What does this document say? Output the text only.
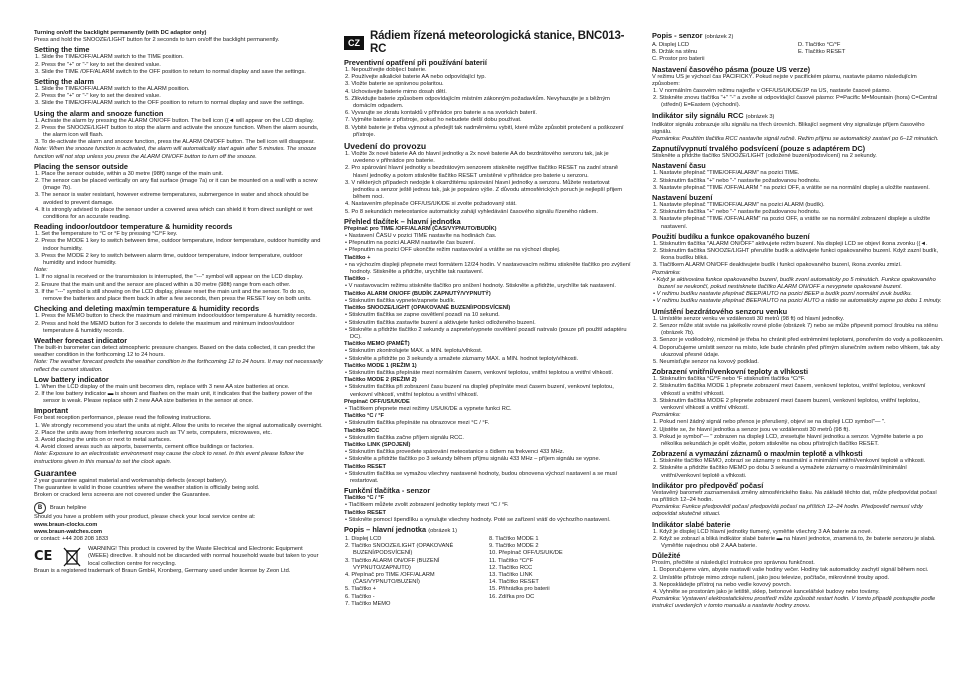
Turning on/off the backlight permanently (with DC adaptor only)
Press and hold the SNOOZE/LIGHT button for 2 seconds to turn on/off the backlight permanently.
Setting the time
1. Slide the TIME/OFF/ALARM switch to the TIME position.
2. Press the "+" or "-" key to set the desired value.
3. Slide the TIME /OFF/ALARM switch to the OFF position to return to normal display and save the settings.
Setting the alarm
1. Slide the TIME/OFF/ALARM switch to the ALARM position.
2. Press the "+" or "-" key to set the desired value.
3. Slide the TIME/OFF/ALARM switch to the OFF position to return to normal display and save the settings.
Using the alarm and snooze function
1. Activate the alarm by pressing the ALARM ON/OFF button. The bell icon ((◄ will appear on the LCD display.
2. Press the SNOOZE/LIGHT button to stop the alarm and activate the snooze function. When the alarm sounds, the alarm icon will flash.
3. To de-activate the alarm and snooze function, press the ALARM ON/OFF button. The bell icon will disappear.
Note: When the snooze function is activated, the alarm will automatically start again after 5 minutes. The snooze function will not stop unless you press the ALARM ON/OFF button to turn off the snooze.
Placing the sensor outside
1. Place the sensor outside, within a 30 metre (98ft) range of the main unit.
2. The sensor can be placed vertically on any flat surface (image 7a) or it can be mounted on a wall with a screw (image 7b).
3. The sensor is water resistant, however extreme temperatures, submergence in water and shock should be avoided to prevent damage.
4. It is strongly advised to place the sensor under a covered area which can shield it from direct sunlight or wet conditions for an accurate reading.
Reading indoor/outdoor temperature & humidity records
1. Set the temperature to °C or °F by pressing °C/°F key.
2. Press the MODE 1 key to switch between time, outdoor temperature, indoor temperature, outdoor humidity and indoor humidity.
3. Press the MODE 2 key to switch between alarm time, outdoor temperature, indoor temperature, outdoor humidity and indoor humidity.
Note:
1. If no signal is received or the transmission is interrupted, the "---" symbol will appear on the LCD display.
2. Ensure that the main unit and the sensor are placed within a 30 metre (98ft) range from each other.
3. If the "---" symbol is still showing on the LCD display, please reset the main unit and the sensor. To do so, remove the batteries and place them back in after a few seconds, then press the RESET key on both units.
Checking and deleting max/min temperature & humidity records
1. Press the MEMO button to check the maximum and minimum indoor/outdoor temperature & humidity records.
2. Press and hold the MEMO button for 3 seconds to delete the maximum and minimum indoor/outdoor temperature & humidity records.
Weather forecast indicator
The built-in barometer can detect atmospheric pressure changes. Based on the data collected, it can predict the weather condition in the forthcoming 12 to 24 hours.
Note: The weather forecast predicts the weather condition in the forthcoming 12 to 24 hours. It may not necessarily reflect the current situation.
Low battery indicator
1. When the LCD display of the main unit becomes dim, replace with 3 new AA size batteries at once.
2. If the low battery indicator ▬ is shown and flashes on the main unit, it indicates that the battery power of the sensor is weak. Please replace with 2 new AAA size batteries in the sensor at once.
Important
For best reception performance, please read the following instructions.
1. We strongly recommend you start the units at night. Allow the units to receive the signal automatically overnight.
2. Place the units away from interfering sources such as TV sets, computers, microwaves, etc.
3. Avoid placing the units on or next to metal surfaces.
4. Avoid closed areas such as airports, basements, cement office buildings or factories.
Note: Exposure to an electrostatic environment may cause the clock to reset. In this event please follow the instructions given in this manual to set the clock again.
Guarantee
2 year guarantee against material and workmanship defects (except battery).
The guarantee is valid in those countries where the weather station is officially being sold.
Broken or cracked lens screens are not covered under the Guarantee.
B	Braun helpline
Should you have a problem with your product, please check your local service centre at:
www.braun-clocks.com
www.braun-watches.com
or contact: +44 208 208 1833
CE	WARNING! This product is covered by the Waste Electrical and Electronic Equipment (WEEE) directive. It should not be discarded with normal household waste but taken to your local collection centre for recycling.
Braun is a registered trademark of Braun GmbH, Kronberg, Germany used under license by Zeon Ltd.
CZ
Rádiem řízená meteorologická stanice, BNC013-RC
Preventivní opatření při používání baterií
1. Nepoužívejte dobíjecí baterie.
2. Používejte alkalické baterie AA nebo odpovídající typ.
3. Vložte baterie se správnou polaritou.
4. Uchovávejte baterie mimo dosah dětí.
5. Zlikvidujte baterie způsobem odpovídajícím místním zákonným požadavkům. Nevyhazujte je s běžným domácím odpadem.
6. Vyvarujte se zkratu kontaktů v přihrádce pro baterie a na svorkách baterií.
7. Vyjměte baterie z přístroje, pokud ho nebudete delší dobu používat.
8. Vybité baterie je třeba vyjmout a předejít tak nadměrnému vybití, které může způsobit protečení a poškození přístroje.
Uvedení do provozu
1. Vložte 3x nové baterie AA do hlavní jednotky a 2x nové baterie AA do bezdrátového senzoru tak, jak je uvedeno v přihrádce pro baterie.
2. Pro spárování hlavní jednotky s bezdrátovým senzorem stiskněte nejdříve tlačítko RESET na zadní straně hlavní jednotky a potom stiskněte tlačítko RESET umístěné v přihrádce pro baterie u senzoru.
3. V některých případech nedojde k okamžitému spárování hlavní jednotky a senzoru. Můžete restartovat jednotku a senzor ještě jednou tak, jak je popsáno výše. Z důvodu atmosférických poruch je nejlepší přijem během noci.
4. Nastavením přepínače OFF/US/UK/DE si zvolte požadovaný stát.
5. Po 8 sekundách meteostanice automaticky zahájí vyhledávání časového signálu řízeného rádiem.
Přehled tlačítek – hlavní jednotka
Přepínač pro TIME /OFF/ALARM (ČAS/VYPNUTO/BUDÍK)
• Nastavení ČASU v pozici TIME nastavíte na hodinách čas.
• Přepnutím na pozici ALARM nastavíte čas buzení.
• Přepnutím na pozici OFF ukončíte režim nastavování a vrátíte se na výchozí displej.
Tlačítko +
• na výchozím displeji přepnete mezi formátem 12/24 hodin. V nastavovacím režimu stiskněte tlačítko pro zvýšení hodnoty. Stiskněte a přidržte, urychlíte tak nastavení.
Tlačítko -
• V nastavovacím režimu stiskněte tlačítko pro snížení hodnoty. Stiskněte a přidržte, urychlíte tak nastavení.
Tlačítko ALARM ON/OFF (BUDÍK ZAPNUTÝ/VYPNUTÝ)
• Stisknutím tlačítka vypnete/zapnete budík.
Tlačítko SNOOZE/LIGHT (OPAKOVANÉ BUZENÍ/PODSVÍCENÍ)
• Stisknutím tlačítka se zapne osvětlení pozadí na 10 sekund.
• Stisknutím tlačítka zastavíte buzení a aktivujete funkci odloženého buzení.
• Stiskněte a přidržte tlačítko 2 sekundy a zapnete/vypnete osvětlení pozadí natrvalo (pouze při použití adaptéru DC).
Tlačítko MEMO (PAMĚŤ)
• Stisknutím zkontrolujete MAX. a MIN. teplotu/vlhkost.
• Stiskněte a přidržte po 3 sekundy a smažete záznamy MAX. a MIN. hodnot teploty/vlhkosti.
Tlačítko MODE 1 (REŽIM 1)
• Stisknutím tlačítka přepínáte mezi normálním časem, venkovní teplotou, vnitřní teplotou a vnitřní vlhkostí.
Tlačítko MODE 2 (REŽIM 2)
• Stisknutím tlačítka při zobrazení času buzení na displeji přepínáte mezi časem buzení, venkovní teplotou, venkovní vlhkostí, vnitřní teplotou a vnitřní vlhkostí.
Přepínač OFF/US/UK/DE
• Tlačítkem přepnete mezi režimy US/UK/DE a vypnete funkci RC.
Tlačítko °C / °F
• Stisknutím tlačítka přepínáte na obrazovce mezi °C / °F.
Tlačítko RCC
• Stisknutím tlačítka začne příjem signálu RCC.
Tlačítko LINK (SPOJENÍ)
• Stisknutím tlačítka provedete spárování meteostanice s čidlem na frekvenci 433 MHz.
• Stiskněte a přidržte tlačítko po 3 sekundy během příjmu signálu 433 MHz – příjem signálu se vypne.
Tlačítko RESET
• Stisknutím tlačítka se vymažou všechny nastavené hodnoty, budou obnovena výchozí nastavení a se musí restartovat.
Funkční tlačítka - senzor
Tlačítko °C / °F
• Tlačítkem můžete zvolit zobrazení jednotky teploty mezi °C / °F.
Tlačítko RESET
• Stiskněte pomocí špendlíku a vynulujte všechny hodnoty. Poté se zařízení vrátí do výchozího nastavení.
Popis – hlavní jednotka (obrázek 1)
1. Displej LCD
2. Tlačítko SNOOZE/LIGHT (OPAKOVANÉ BUZENÍ/PODSVÍCENÍ)
3. Tlačítko ALARM ON/OFF (BUZENÍ VYPNUTO/ZAPNUTO)
4. Přepínač pro TIME /OFF/ALARM (ČAS/VYPNUTO/BUZENÍ)
5. Tlačítko +
6. Tlačítko -
7. Tlačítko MEMO
8. Tlačítko MODE 1
9. Tlačítko MODE 2
10. Přepínač OFF/US/UK/DE
11. Tlačítko °C/°F
12. Tlačítko RCC
13. Tlačítko LINK
14. Tlačítko RESET
15. Přihrádka pro baterii
16. Zdířka pro DC
Popis - senzor (obrázek 2)
A. Displej LCD
B. Držák na stěnu
C. Prostor pro baterii
D. Tlačítko °C/°F
E. Tlačítko RESET
Nastavení časového pásma (pouze US verze)
V režimu US je výchozí čas PACIFICKÝ. Pokud nejste v pacifickém pásmu, nastavte pásmo následujícím způsobem:
1. V normálním časovém režimu najeďte v OFF/US/UK/DE/JP na US, nastavte časové pásmo.
2. Stiskněte znovu tlačítka "+" "-" a zvolte si odpovídající časové pásmo: P=Pacific M=Mountain (hora) C=Central (střední) E=Eastern (východní).
Indikátor sily signálu RCC (obrázek 3)
Indikátor signálu zobrazuje sílu signálu na třech úrovních. Blikající segment vlny signalizuje příjem časového signálu.
Poznámka: Použitím tlačítka RCC nastavíte signál ručně. Režim příjmu se automatický zastaví po 6–12 minutách.
Zapnutí/vypnutí trvalého podsvícení (pouze s adaptérem DC)
Stiskněte a přidržte tlačítko SNOOZE/LIGHT (odložené buzení/podsvícení) na 2 sekundy.
Nastavení času
1. Nastavte přepínač "TIME/OFF/ALARM" na pozici TIME.
2. Stisknutím tlačítka "+" nebo "-" nastavíte požadovanou hodnotu.
3. Nastavte přepínač "TIME /OFF/ALARM " na pozici OFF, a vrátíte se na normální displej a uložíte nastavení.
Nastavení buzení
1. Nastavte přepínač "TIME/OFF/ALARM" na pozici ALARM (budík).
2. Stisknutím tlačítka "+" nebo "-" nastavíte požadovanou hodnotu.
3. Nastavte přepínač "TIME /OFF/ALARM" na pozici OFF, a vrátíte se na normální zobrazení displeje a uložíte nastavení.
Použití budíku a funkce opakovaného buzení
1. Stisknutím tlačítka "ALARM ON/OFF" aktivujete režim buzení. Na displeji LCD se objeví ikona zvonku ((◄.
2. Stisknutím tlačítka SNOOZE/LIGHT přerušíte budík a aktivujete funkci opakovaného buzení. Když zazní budík, ikona budíku bliká.
3. Tlačítkem ALARM ON/OFF deaktivujete budík i funkci opakovaného buzení, ikona zvonku zmizí.
Poznámka:
• Když je aktivována funkce opakovaného buzení, budík zvoní automaticky po 5 minutách. Funkce opakovaného buzení se neukončí, pokud nestisknete tlačítko ALARM ON/OFF a nevypnete opakované buzení.
• V režimu budíku nastavte přepínač BEEP/AUTO na pozici BEEP a budík pozní normální zvuk budíku.
• V režimu budíku nastavte přepínač BEEP/AUTO na pozici AUTO a rádio se automaticky zapne po dobu 1 minuty.
Umístění bezdrátového senzoru venku
1. Umístěte senzor venku ve vzdálenosti 30 metrů (98 ft) od hlavní jednotky.
2. Senzor může stát svisle na jakékoliv rovné ploše (obrázek 7) nebo se může připevnit pomocí šroubku na stěnu (obrázek 7b).
3. Senzor je voděodolný, nicméně je třeba ho chránit před extrémními teplotami, ponořením do vody a poškozením.
4. Doporučujeme umístit senzor na místo, kde bude chráněn před přímým slunečním svitem nebo vlhkem, tak aby ukazoval přesné údaje.
5. Neumisťujte senzor na kovový podklad.
Zobrazení vnitřní/venkovní teploty a vlhkosti
1. Stisknutím tlačítka °C/°F nebo °F stisknutím tlačítka °C/°F.
2. Stisknutím tlačítka MODE 1 přepnete zobrazení mezi časem, venkovní teplotou, vnitřní teplotou, venkovní vlhkostí a vnitřní vlhkostí.
3. Stisknutím tlačítka MODE 2 přepnete zobrazení mezi časem buzení, venkovní teplotou, vnitřní teplotou, venkovní vlhkostí a vnitřní vlhkostí.
Poznámka:
1. Pokud není žádný signál nebo přenos je přerušený, objeví se na displeji LCD symbol"— ".
2. Ujistěte se, že hlavní jednotka a senzor jsou ve vzdálenosti 30 metrů (98 ft).
3. Pokud je symbol"— " zobrazen na displeji LCD, zresetujte hlavní jednotku a senzor. Vyjměte baterie a po několika sekundách je opět vložte, potom stiskněte na obou přístrojích tlačítko RESET.
Zobrazení a vymazání záznamů o max/min teplotě a vlhkosti
1. Stiskněte tlačítko MEMO, zobrazí se záznamy o maximální a minimální vnitřní/venkovní teplotě a vlhkosti.
2. Stiskněte a přidržte tlačítko MEMO po dobu 3 sekund a vymažete záznamy o maximální/minimální vnitřní/venkovní teplotě a vlhkosti.
Indikátor pro předpověď počasí
Vestavěný barometr zaznamenává změny atmosférického tlaku. Na základě těchto dat, může předpovídat počasí na příštích 12–24 hodin.
Poznámka: Funkce předpovědi počasí předpovídá počasí na příštích 12–24 hodin. Předpověď nemusí vždy odpovídat skutečné situaci.
Indikátor slabé baterie
1. Když je displej LCD hlavní jednotky tlumený, vyměňte všechny 3 AA baterie za nové.
2. Když se zobrazí a bliká indikátor slabé baterie ▬ na hlavní jednotce, znamená to, že baterie senzoru je slabá. Vyměňte najednou obě 2 AAA baterie.
Důležité
Prosím, přečtěte si následující instrukce pro správnou funkčnost.
1. Doporučujeme vám, abyste nastavili vaše hodiny večer. Hodiny tak automaticky zachytí signál během noci.
2. Umístěte přístroje mimo zdroje rušení, jako jsou televize, počítače, mikrovlnné trouby apod.
3. Neposkládejte přístroj na nebo vedle kovový povrch.
4. Vyhněte se prostorám jako je letiště, sklep, betonové kancelářské budovy nebo továrny.
Poznámka: Vystavení elektrostatickému prostředí může způsobit restart hodin. V tomto případě postupujte podle instrukcí uvedených v tomto manuálu a nastavte hodiny znovu.
